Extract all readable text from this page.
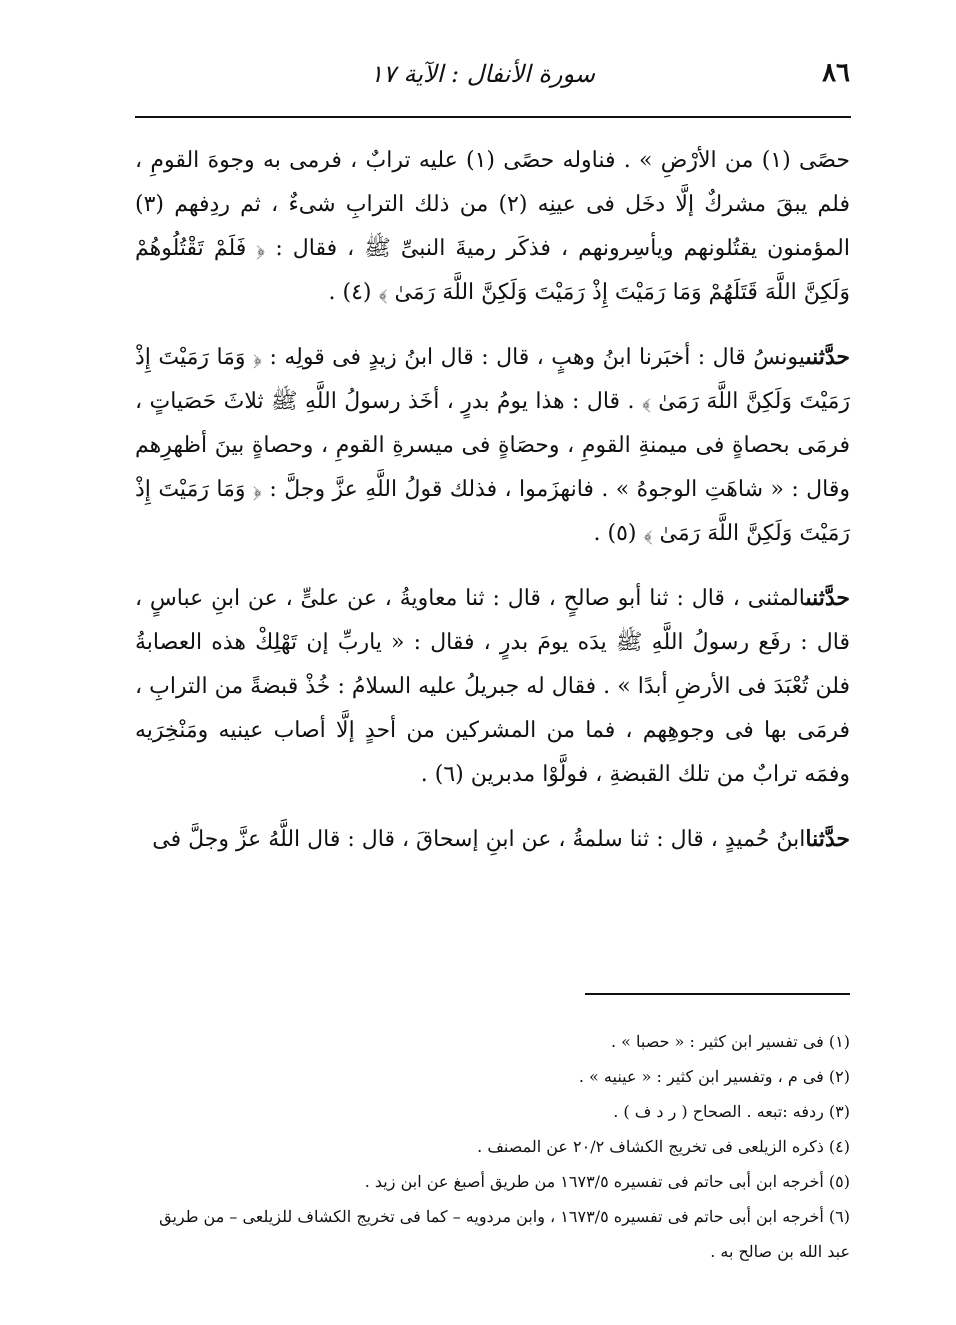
٨٦
سورة الأنفال : الآية ١٧

حصًى (١) من الأرْضِ » . فناوله حصًى (١) عليه ترابٌ ، فرمى به وجوهَ القومِ ، فلم يبقَ مشركٌ إلَّا دخَل فى عينِه (٢) من ذلك الترابِ شىءٌ ، ثم ردِفهم (٣) المؤمنون يقتُلونهم ويأسِرونهم ، فذكَر رميةَ النبىِّ ﷺ ، فقال : ﴿ فَلَمْ تَقْتُلُوهُمْ وَلَكِنَّ اللَّهَ قَتَلَهُمْ وَمَا رَمَيْتَ إِذْ رَمَيْتَ وَلَكِنَّ اللَّهَ رَمَىٰ ﴾ (٤) .

حدَّثنىيونسُ قال : أخبَرنا ابنُ وهبٍ ، قال : قال ابنُ زيدٍ فى قولِه : ﴿ وَمَا رَمَيْتَ إِذْ رَمَيْتَ وَلَكِنَّ اللَّهَ رَمَىٰ ﴾ . قال : هذا يومُ بدرٍ ، أخَذ رسولُ اللَّهِ ﷺ ثلاثَ حَصَياتٍ ، فرمَى بحصاةٍ فى ميمنةِ القومِ ، وحصَاةٍ فى ميسرةِ القومِ ، وحصاةٍ بينَ أظهرِهم وقال : « شاهَتِ الوجوهُ » . فانهزَموا ، فذلك قولُ اللَّهِ عزَّ وجلَّ : ﴿ وَمَا رَمَيْتَ إِذْ رَمَيْتَ وَلَكِنَّ اللَّهَ رَمَىٰ ﴾ (٥) .

حدَّثنىالمثنى ، قال : ثنا أبو صالحٍ ، قال : ثنا معاويةُ ، عن علىٍّ ، عن ابنِ عباسٍ ، قال : رفَع رسولُ اللَّهِ ﷺ يدَه يومَ بدرٍ ، فقال : « ياربِّ إن تَهْلِكْ هذه العصابةُ فلن تُعْبَدَ فى الأرضِ أبدًا » . فقال له جبريلُ عليه السلامُ : خُذْ قبضةً من الترابِ ، فرمَى بها فى وجوهِهم ، فما من المشركين من أحدٍ إلَّا أصاب عينيه ومَنْخِرَيه وفمَه ترابٌ من تلك القبضةِ ، فولَّوْا مدبرين (٦) .

حدَّثناابنُ حُميدٍ ، قال : ثنا سلمةُ ، عن ابنِ إسحاقَ ، قال : قال اللَّهُ عزَّ وجلَّ فى

(١) فى تفسير ابن كثير : « حصبا » .

(٢) فى م ، وتفسير ابن كثير : « عينيه » .

(٣) ردفه :تبعه . الصحاح ( ر د ف ) .

(٤) ذكره الزيلعى فى تخريج الكشاف ٢٠/٢ عن المصنف .

(٥) أخرجه ابن أبى حاتم فى تفسيره ١٦٧٣/٥ من طريق أصبغ عن ابن زيد .

(٦) أخرجه ابن أبى حاتم فى تفسيره ١٦٧٣/٥ ، وابن مردويه – كما فى تخريج الكشاف للزيلعى – من طريق عبد الله بن صالح به .
